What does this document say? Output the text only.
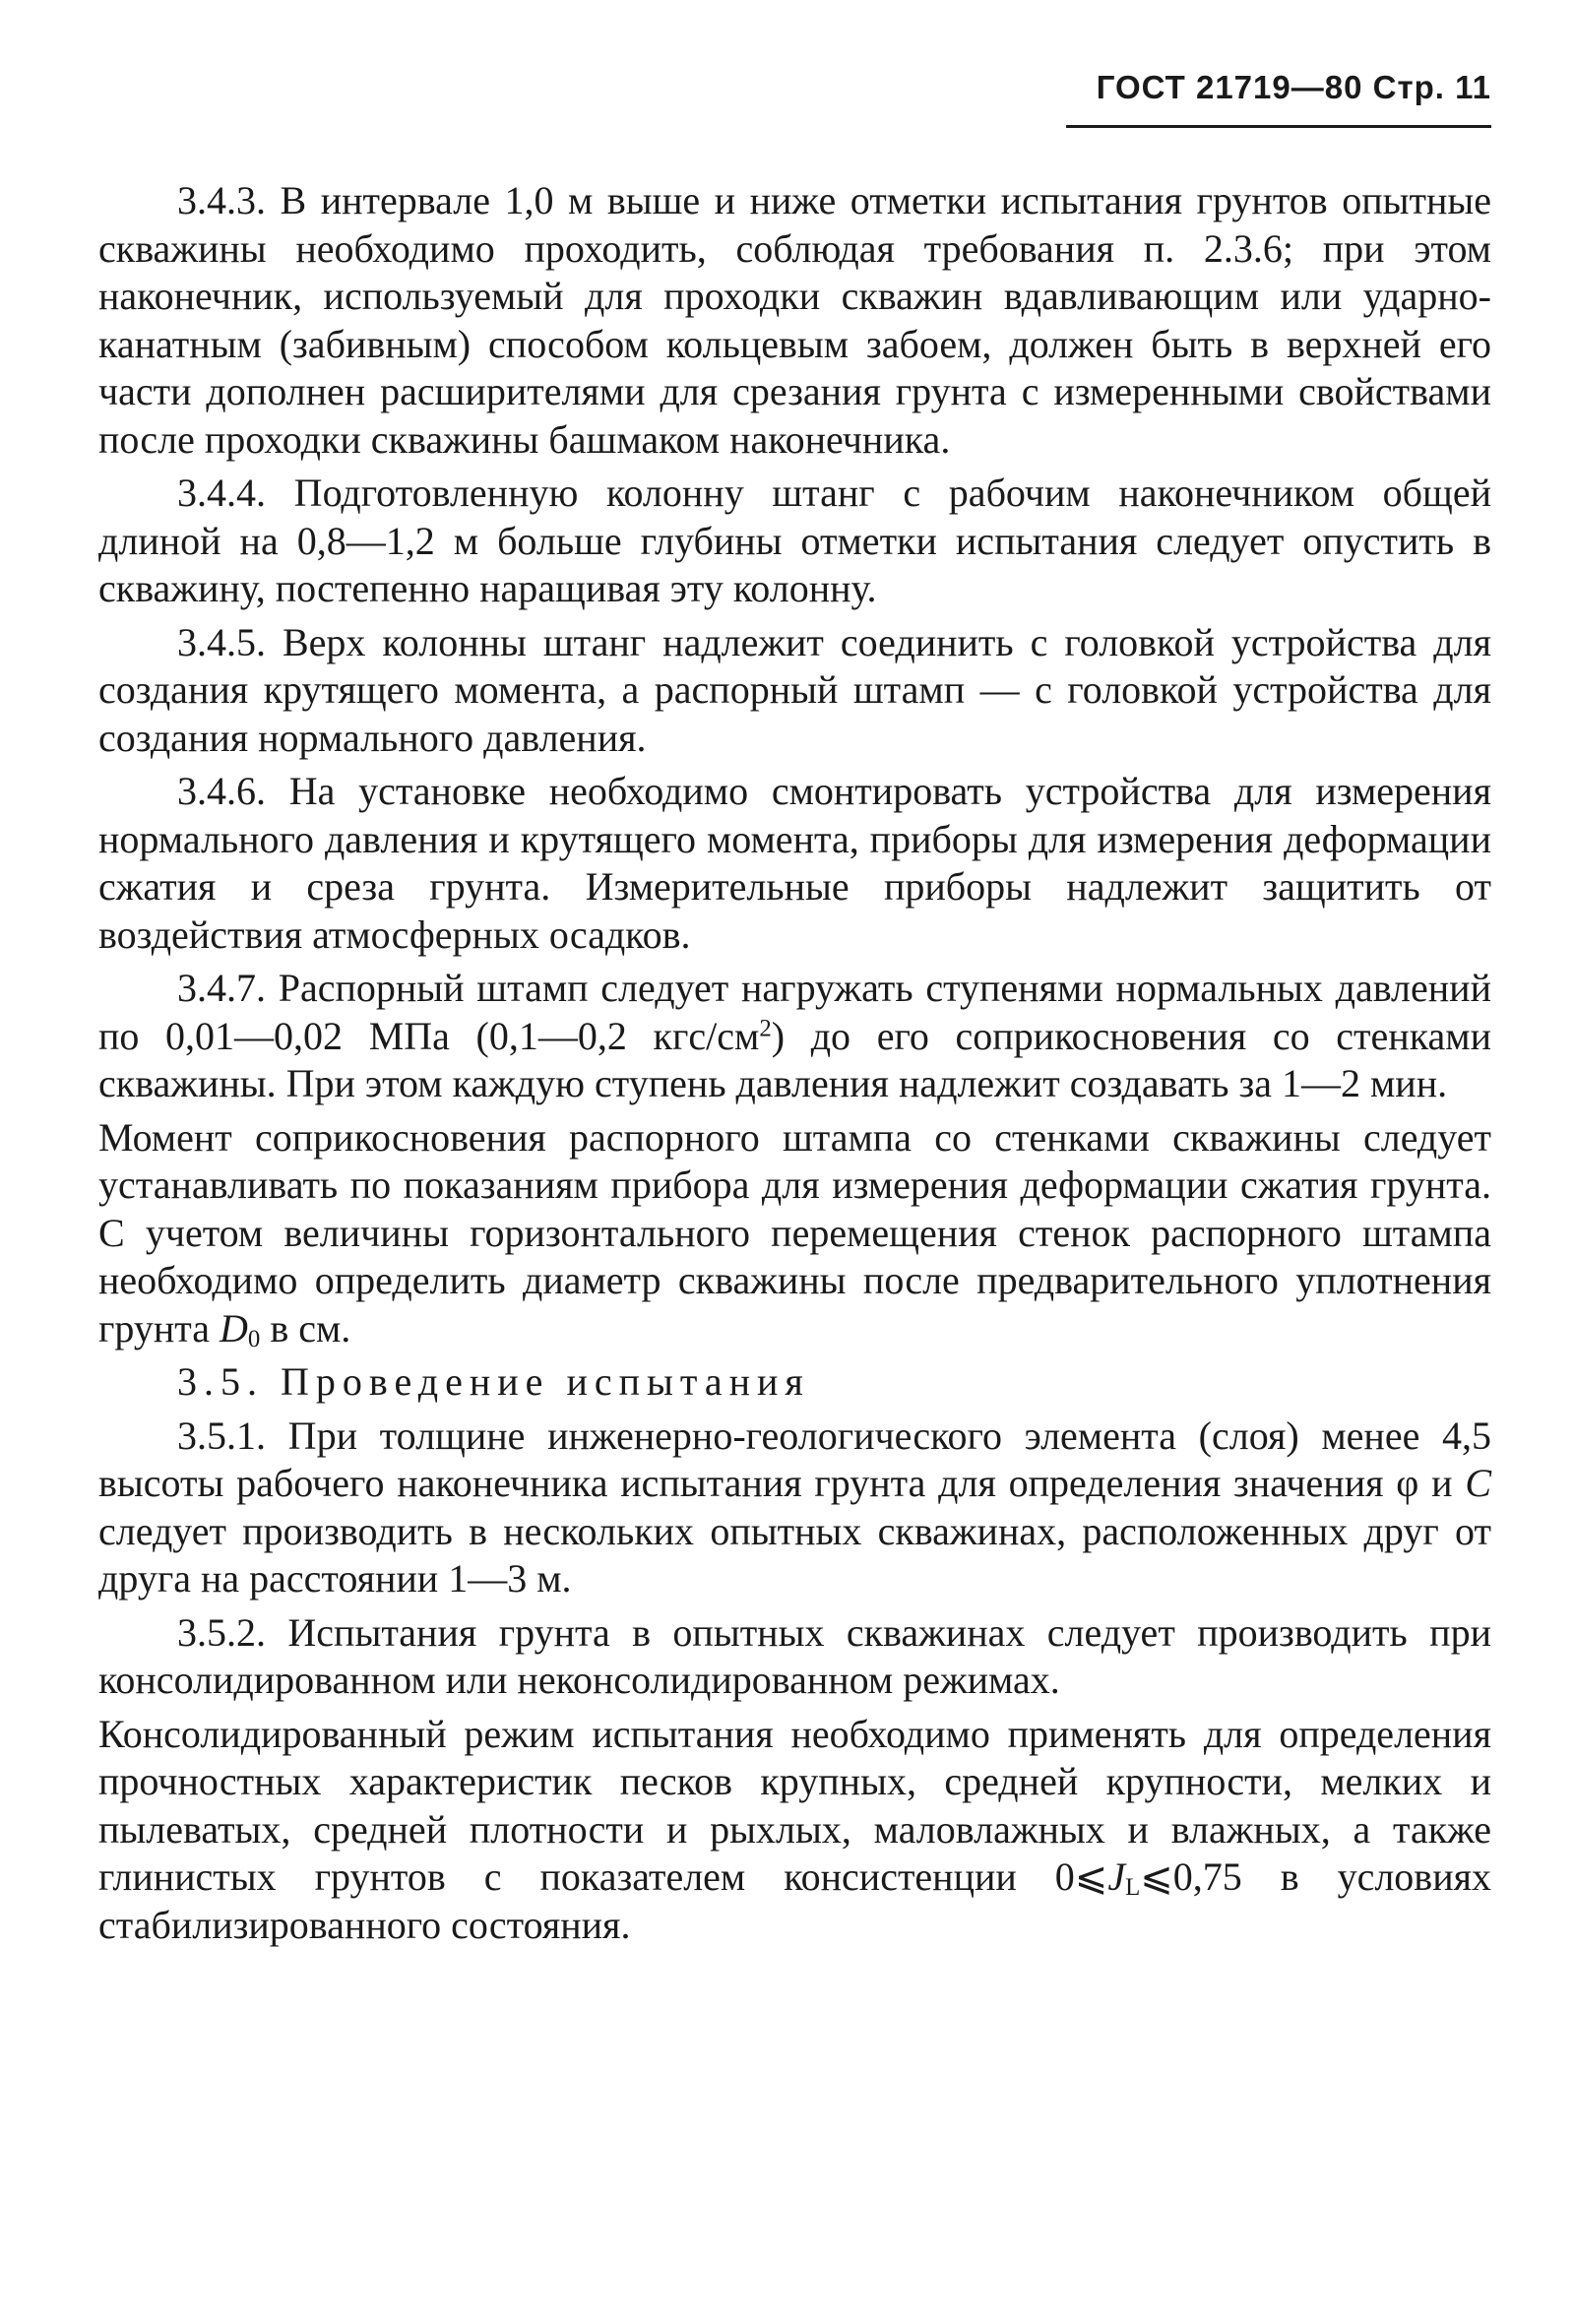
ГОСТ 21719—80 Стр. 11

3.4.3. В интервале 1,0 м выше и ниже отметки испытания грунтов опытные скважины необходимо проходить, соблюдая требования п. 2.3.6; при этом наконечник, используемый для проходки скважин вдавливающим или ударно-канатным (забивным) способом кольцевым забоем, должен быть в верхней его части дополнен расширителями для срезания грунта с измеренными свойствами после проходки скважины башмаком наконечника.

3.4.4. Подготовленную колонну штанг с рабочим наконечником общей длиной на 0,8—1,2 м больше глубины отметки испытания следует опустить в скважину, постепенно наращивая эту колонну.

3.4.5. Верх колонны штанг надлежит соединить с головкой устройства для создания крутящего момента, а распорный штамп — с головкой устройства для создания нормального давления.

3.4.6. На установке необходимо смонтировать устройства для измерения нормального давления и крутящего момента, приборы для измерения деформации сжатия и среза грунта. Измерительные приборы надлежит защитить от воздействия атмосферных осадков.

3.4.7. Распорный штамп следует нагружать ступенями нормальных давлений по 0,01—0,02 МПа (0,1—0,2 кгс/$см^2$) до его соприкосновения со стенками скважины. При этом каждую ступень давления надлежит создавать за 1—2 мин.

Момент соприкосновения распорного штампа со стенками скважины следует устанавливать по показаниям прибора для измерения деформации сжатия грунта. С учетом величины горизонтального перемещения стенок распорного штампа необходимо определить диаметр скважины после предварительного уплотнения грунта $D_0$ в см.

3.5. Проведение испытания

3.5.1. При толщине инженерно-геологического элемента (слоя) менее 4,5 высоты рабочего наконечника испытания грунта для определения значения φ и C следует производить в нескольких опытных скважинах, расположенных друг от друга на расстоянии 1—3 м.

3.5.2. Испытания грунта в опытных скважинах следует производить при консолидированном или неконсолидированном режимах.

Консолидированный режим испытания необходимо применять для определения прочностных характеристик песков крупных, средней крупности, мелких и пылеватых, средней плотности и рыхлых, маловлажных и влажных, а также глинистых грунтов с показателем консистенции $0⩽J_L⩽0,75$ в условиях стабилизированного состояния.
